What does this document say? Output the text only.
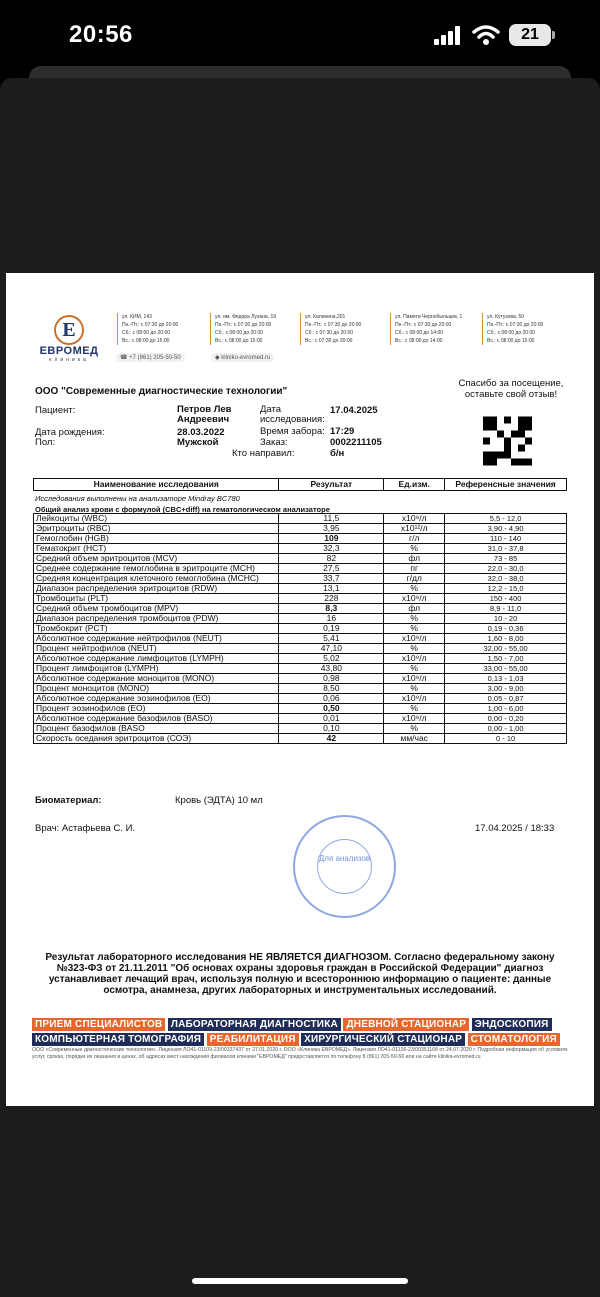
20:56	21
Е
ЕВРОМЕД
клиника	☎ +7 (861) 205-50-50	◆ kliniko-evromed.ru
ул. КИМ, 143
Пн.-Пт.: с 07:30 до 20:00
Сб.: с 08:00 до 20:00
Вс.: с 08:00 до 15:00
ул. им. Федора Лузана, 19
Пн.-Пт.: с 07:30 до 20:00
Сб.: с 08:00 до 20:00
Вс.: с 08:00 до 15:00
ул. Калинина,201
Пн.-Пт.: с 07:30 до 20:00
Сб.: с 07:30 до 20:00
Вс.: с 07:30 до 20:00
ул. Памяти Чернобыльцев, 1
Пн.-Пт.: с 07:30 до 20:00
Сб.: с 08:00 до 14:00
Вс.: с 08:00 до 14:00
ул. Кутузова, 50
Пн.-Пт.: с 07:30 до 20:00
Сб.: с 08:00 до 20:00
Вс.: с 08:00 до 15:00
ООО "Современные диагностические технологии"
Спасибо за посещение, оставьте свой отзыв!
Пациент:	Петров Лев Андреевич
Дата рождения:	28.03.2022
Пол:	Мужской
Дата исследования:
17.04.2025
Время забора: 17:29
Заказ:	0002211105
Кто направил:	б/н
Наименование исследования	Результат	Ед.изм.	Референсные значения

Лейкоциты (WBC)	11,5	х10⁹/л	5,5 - 12,0
Эритроциты (RBC)	3,95	х10¹²/л	3,90 - 4,90
Гемоглобин (HGB)	109	г/л	110 - 140
Гематокрит (HCT)	32,3	%	31,0 - 37,8
Средний объем эритроцитов (MCV)	82	фл	73 - 85
Среднее содержание гемоглобина в эритроците (MCH)	27,5	пг	22,0 - 30,0
Средняя концентрация клеточного гемоглобина (MCHC)	33,7	г/дл	32,0 - 38,0
Диапазон распределения эритроцитов (RDW)	13,1	%	12,2 - 15,0
Тромбоциты (PLT)	228	х10⁹/л	150 - 400
Средний объем тромбоцитов (MPV)	8,3	фл	8,9 - 11,0
Диапазон распределения тромбоцитов (PDW)	16	%	10 - 20
Тромбокрит (PCT)	0,19	%	0,19 - 0,36
Абсолютное содержание нейтрофилов (NEUT)	5,41	х10⁹/л	1,60 - 8,00
Процент нейтрофилов (NEUT)	47,10	%	32,00 - 55,00
Абсолютное содержание лимфоцитов (LYMPH)	5,02	х10⁹/л	1,50 - 7,00
Процент лимфоцитов (LYMPH)	43,80	%	33,00 - 55,00
Абсолютное содержание моноцитов (MONO)	0,98	х10⁹/л	0,13 - 1,03
Процент моноцитов (MONO)	8,50	%	3,00 - 9,00
Абсолютное содержание эозинофилов (EO)	0,06	х10⁹/л	0,05 - 0,87
Процент эозинофилов (EO)	0,50	%	1,00 - 6,00
Абсолютное содержание базофилов (BASO)	0,01	х10⁹/л	0,00 - 0,20
Процент базофилов (BASO	0,10	%	0,00 - 1,00
Скорость оседания эритроцитов (СОЭ)	42	мм/час	0 - 10
Исследования выполнены на анализаторе Mindray BC780
Общий анализ крови с формулой (CBC+diff) на гематологическом анализаторе
Биоматериал:	Кровь (ЭДТА) 10 мл
Врач: Астафьева С. И.	17.04.2025 / 18:33
Для анализов
Результат лабораторного исследования НЕ ЯВЛЯЕТСЯ ДИАГНОЗОМ. Согласно федеральному закону №323-ФЗ от 21.11.2011 "Об основах охраны здоровья граждан в Российской Федерации" диагноз устанавливает лечащий врач, используя полную и всестороннюю информацию о пациенте: данные осмотра, анамнеза, других лабораторных и инструментальных исследований.
ПРИЕМ СПЕЦИАЛИСТОВ ЛАБОРАТОРНАЯ ДИАГНОСТИКА ДНЕВНОЙ СТАЦИОНАР ЭНДОСКОПИЯ КОМПЬЮТЕРНАЯ ТОМОГРАФИЯ РЕАБИЛИТАЦИЯ ХИРУРГИЧЕСКИЙ СТАЦИОНАР СТОМАТОЛОГИЯ
ООО «Современные диагностические технологии». Лицензия ЛО41-01109-23/00337437 от 27.01.2020 г. ООО «Клиника ЕВРОМЕД». Лицензия ЛО41-01126-23/00351168 от 24.07.2020 г. Подробная информация об условиях услуг, сроках, порядке их оказания и ценах, об адресах мест нахождения филиалов клиники "ЕВРОМЕД" предоставляется по телефону 8 (861) 205-50-50 или на сайте klinika-evromed.ru
